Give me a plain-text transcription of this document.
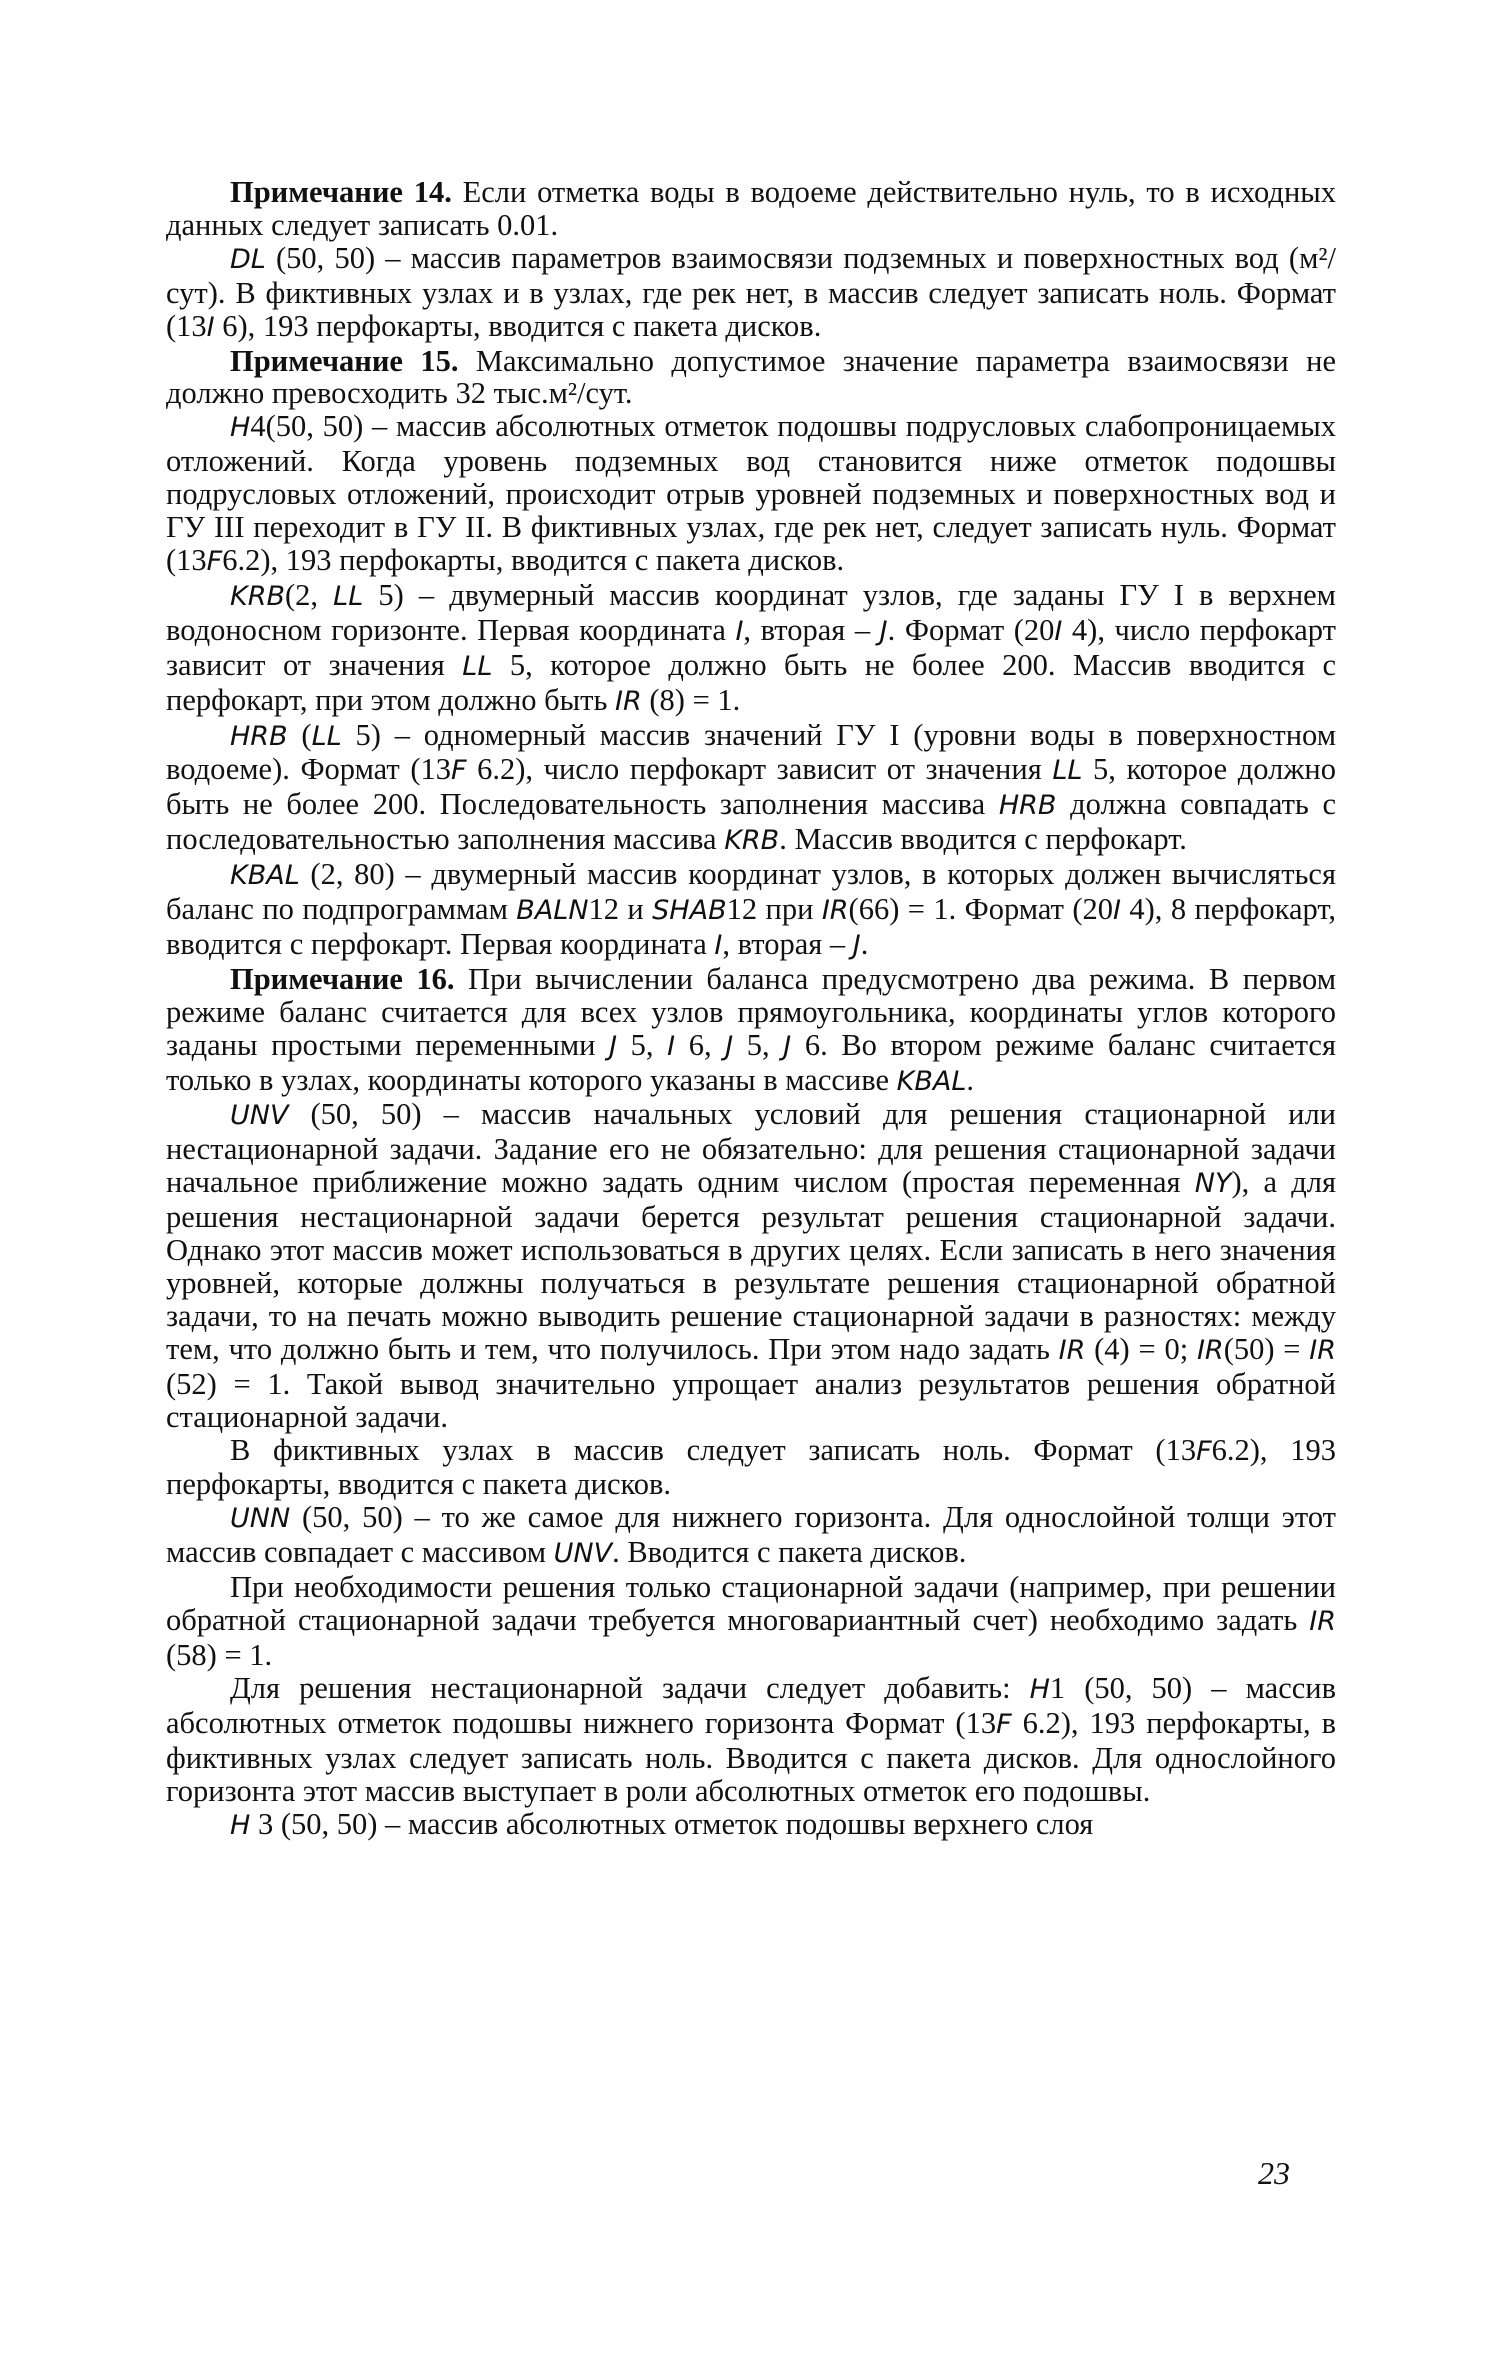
Примечание 14. Если отметка воды в водоеме действительно нуль, то в исходных данных следует записать 0.01.

DL (50, 50) – массив параметров взаимосвязи подземных и поверхностных вод (м²/сут). В фиктивных узлах и в узлах, где рек нет, в массив следует записать ноль. Формат (13I 6), 193 перфокарты, вводится с пакета дисков.

Примечание 15. Максимально допустимое значение параметра взаимосвязи не должно превосходить 32 тыс.м²/сут.

H4(50, 50) – массив абсолютных отметок подошвы подрусловых слабопроницаемых отложений. Когда уровень подземных вод становится ниже отметок подошвы подрусловых отложений, происходит отрыв уровней подземных и поверхностных вод и ГУ III переходит в ГУ II. В фиктивных узлах, где рек нет, следует записать нуль. Формат (13F6.2), 193 перфокарты, вводится с пакета дисков.

KRB(2, LL 5) – двумерный массив координат узлов, где заданы ГУ I в верхнем водоносном горизонте. Первая координата I, вторая – J. Формат (20I 4), число перфокарт зависит от значения LL 5, которое должно быть не более 200. Массив вводится с перфокарт, при этом должно быть IR (8) = 1.

HRB (LL 5) – одномерный массив значений ГУ I (уровни воды в поверхностном водоеме). Формат (13F 6.2), число перфокарт зависит от значения LL 5, которое должно быть не более 200. Последовательность заполнения массива HRB должна совпадать с последовательностью заполнения массива KRB. Массив вводится с перфокарт.

KBAL (2, 80) – двумерный массив координат узлов, в которых должен вычисляться баланс по подпрограммам BALN12 и SHAB12 при IR(66) = 1. Формат (20I 4), 8 перфокарт, вводится с перфокарт. Первая координата I, вторая – J.

Примечание 16. При вычислении баланса предусмотрено два режима. В первом режиме баланс считается для всех узлов прямоугольника, координаты углов которого заданы простыми переменными J 5, I 6, J 5, J 6. Во втором режиме баланс считается только в узлах, координаты которого указаны в массиве KBAL.

UNV (50, 50) – массив начальных условий для решения стационарной или нестационарной задачи. Задание его не обязательно: для решения стационарной задачи начальное приближение можно задать одним числом (простая переменная NY), а для решения нестационарной задачи берется результат решения стационарной задачи. Однако этот массив может использоваться в других целях. Если записать в него значения уровней, которые должны получаться в результате решения стационарной обратной задачи, то на печать можно выводить решение стационарной задачи в разностях: между тем, что должно быть и тем, что получилось. При этом надо задать IR (4) = 0; IR(50) = IR (52) = 1. Такой вывод значительно упрощает анализ результатов решения обратной стационарной задачи.

В фиктивных узлах в массив следует записать ноль. Формат (13F6.2), 193 перфокарты, вводится с пакета дисков.

UNN (50, 50) – то же самое для нижнего горизонта. Для однослойной толщи этот массив совпадает с массивом UNV. Вводится с пакета дисков.

При необходимости решения только стационарной задачи (например, при решении обратной стационарной задачи требуется многовариантный счет) необходимо задать IR (58) = 1.

Для решения нестационарной задачи следует добавить: H1 (50, 50) – массив абсолютных отметок подошвы нижнего горизонта Формат (13F 6.2), 193 перфокарты, в фиктивных узлах следует записать ноль. Вводится с пакета дисков. Для однослойного горизонта этот массив выступает в роли абсолютных отметок его подошвы.

H 3 (50, 50) – массив абсолютных отметок подошвы верхнего слоя

23
